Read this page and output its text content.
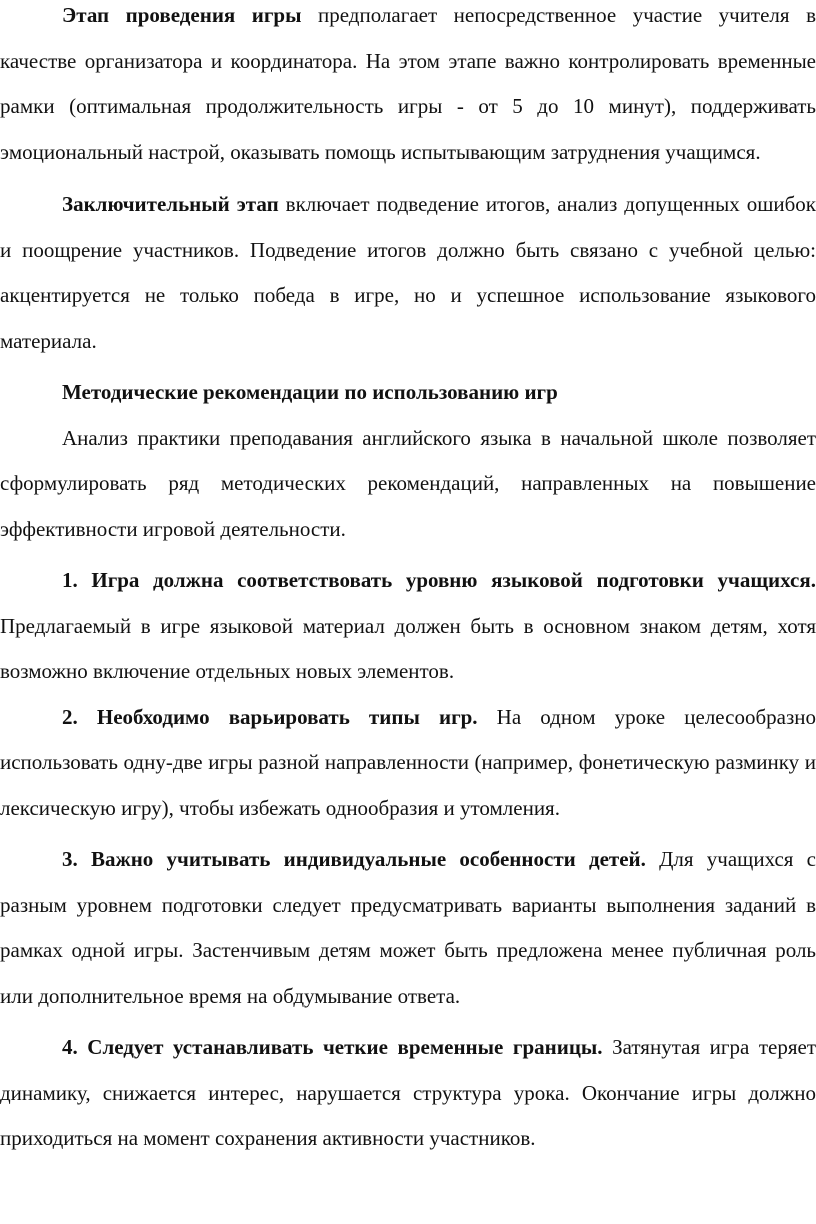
Этап проведения игры предполагает непосредственное участие учителя в качестве организатора и координатора. На этом этапе важно контролировать временные рамки (оптимальная продолжительность игры - от 5 до 10 минут), поддерживать эмоциональный настрой, оказывать помощь испытывающим затруднения учащимся.

Заключительный этап включает подведение итогов, анализ допущенных ошибок и поощрение участников. Подведение итогов должно быть связано с учебной целью: акцентируется не только победа в игре, но и успешное использование языкового материала.

Методические рекомендации по использованию игр

Анализ практики преподавания английского языка в начальной школе позволяет сформулировать ряд методических рекомендаций, направленных на повышение эффективности игровой деятельности.

1. Игра должна соответствовать уровню языковой подготовки учащихся. Предлагаемый в игре языковой материал должен быть в основном знаком детям, хотя возможно включение отдельных новых элементов.

2. Необходимо варьировать типы игр. На одном уроке целесообразно использовать одну-две игры разной направленности (например, фонетическую разминку и лексическую игру), чтобы избежать однообразия и утомления.

3. Важно учитывать индивидуальные особенности детей. Для учащихся с разным уровнем подготовки следует предусматривать варианты выполнения заданий в рамках одной игры. Застенчивым детям может быть предложена менее публичная роль или дополнительное время на обдумывание ответа.

4. Следует устанавливать четкие временные границы. Затянутая игра теряет динамику, снижается интерес, нарушается структура урока. Окончание игры должно приходиться на момент сохранения активности участников.
